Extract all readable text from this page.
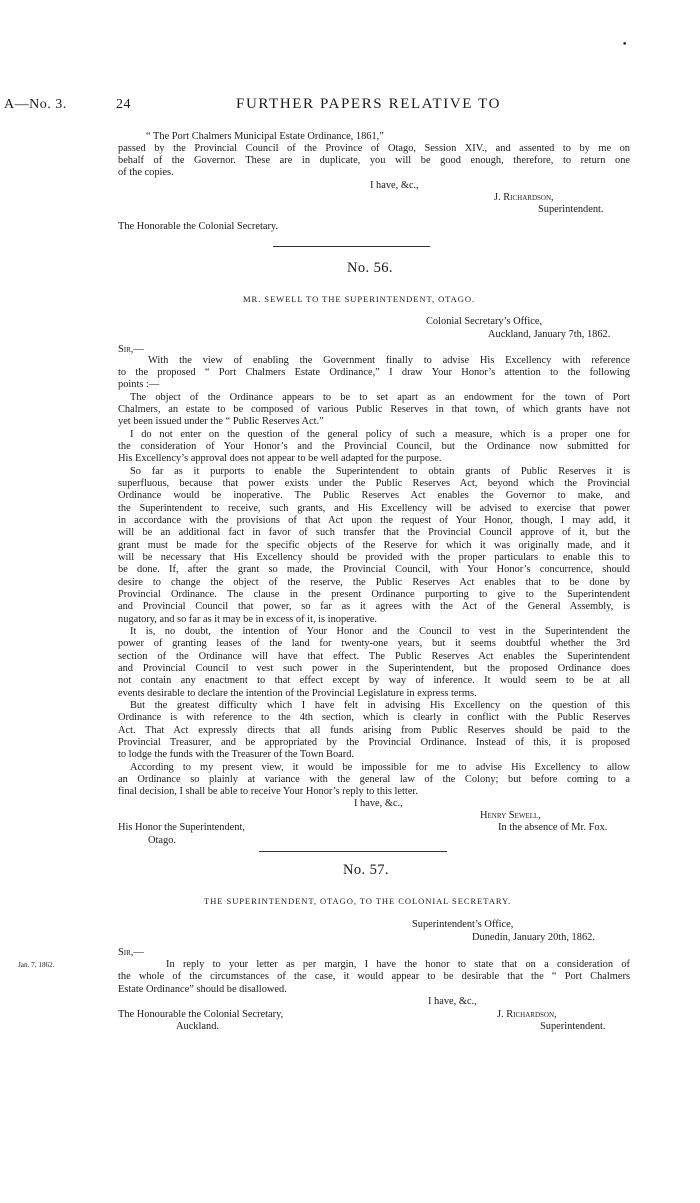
•
A—No. 3.	24	FURTHER PAPERS RELATIVE TO
“ The Port Chalmers Municipal Estate Ordinance, 1861,”
passed by the Provincial Council of the Province of Otago, Session XIV., and assented to by me on
behalf of the Governor. These are in duplicate, you will be good enough, therefore, to return one
of the copies.
I have, &c.,
J. Richardson,
Superintendent.
The Honorable the Colonial Secretary.
No. 56.
MR. SEWELL TO THE SUPERINTENDENT, OTAGO.
Colonial Secretary’s Office,
Auckland, January 7th, 1862.
Sir,—
With the view of enabling the Government finally to advise His Excellency with reference
to the proposed “ Port Chalmers Estate Ordinance,” I draw Your Honor’s attention to the following
points :—
The object of the Ordinance appears to be to set apart as an endowment for the town of Port
Chalmers, an estate to be composed of various Public Reserves in that town, of which grants have not
yet been issued under the “ Public Reserves Act.”
I do not enter on the question of the general policy of such a measure, which is a proper one for
the consideration of Your Honor’s and the Provincial Council, but the Ordinance now submitted for
His Excellency’s approval does not appear to be well adapted for the purpose.
So far as it purports to enable the Superintendent to obtain grants of Public Reserves it is
superfluous, because that power exists under the Public Reserves Act, beyond which the Provincial
Ordinance would be inoperative. The Public Reserves Act enables the Governor to make, and
the Superintendent to receive, such grants, and His Excellency will be advised to exercise that power
in accordance with the provisions of that Act upon the request of Your Honor, though, I may add, it
will be an additional fact in favor of such transfer that the Provincial Council approve of it, but the
grant must be made for the specific objects of the Reserve for which it was originally made, and it
will be necessary that His Excellency should be provided with the proper particulars to enable this to
be done. If, after the grant so made, the Provincial Council, with Your Honor’s concurrence, should
desire to change the object of the reserve, the Public Reserves Act enables that to be done by
Provincial Ordinance. The clause in the present Ordinance purporting to give to the Superintendent
and Provincial Council that power, so far as it agrees with the Act of the General Assembly, is
nugatory, and so far as it may be in excess of it, is inoperative.
It is, no doubt, the intention of Your Honor and the Council to vest in the Superintendent the
power of granting leases of the land for twenty-one years, but it seems doubtful whether the 3rd
section of the Ordinance will have that effect. The Public Reserves Act enables the Superintendent
and Provincial Council to vest such power in the Superintendent, but the proposed Ordinance does
not contain any enactment to that effect except by way of inference. It would seem to be at all
events desirable to declare the intention of the Provincial Legislature in express terms.
But the greatest difficulty which I have felt in advising His Excellency on the question of this
Ordinance is with reference to the 4th section, which is clearly in conflict with the Public Reserves
Act. That Act expressly directs that all funds arising from Public Reserves should be paid to the
Provincial Treasurer, and be appropriated by the Provincial Ordinance. Instead of this, it is proposed
to lodge the funds with the Treasurer of the Town Board.
According to my present view, it would be impossible for me to advise His Excellency to allow
an Ordinance so plainly at variance with the general law of the Colony; but before coming to a
final decision, I shall be able to receive Your Honor’s reply to this letter.
I have, &c.,
Henry Sewell,
His Honor the Superintendent,	In the absence of Mr. Fox.
Otago.
No. 57.
THE SUPERINTENDENT, OTAGO, TO THE COLONIAL SECRETARY.
Superintendent’s Office,
Dunedin, January 20th, 1862.
Sir,—
Jan. 7, 1862.	In reply to your letter as per margin, I have the honor to state that on a consideration of
the whole of the circumstances of the case, it would appear to be desirable that the “ Port Chalmers
Estate Ordinance” should be disallowed.
I have, &c.,
The Honourable the Colonial Secretary,	J. Richardson,
Auckland.	Superintendent.
